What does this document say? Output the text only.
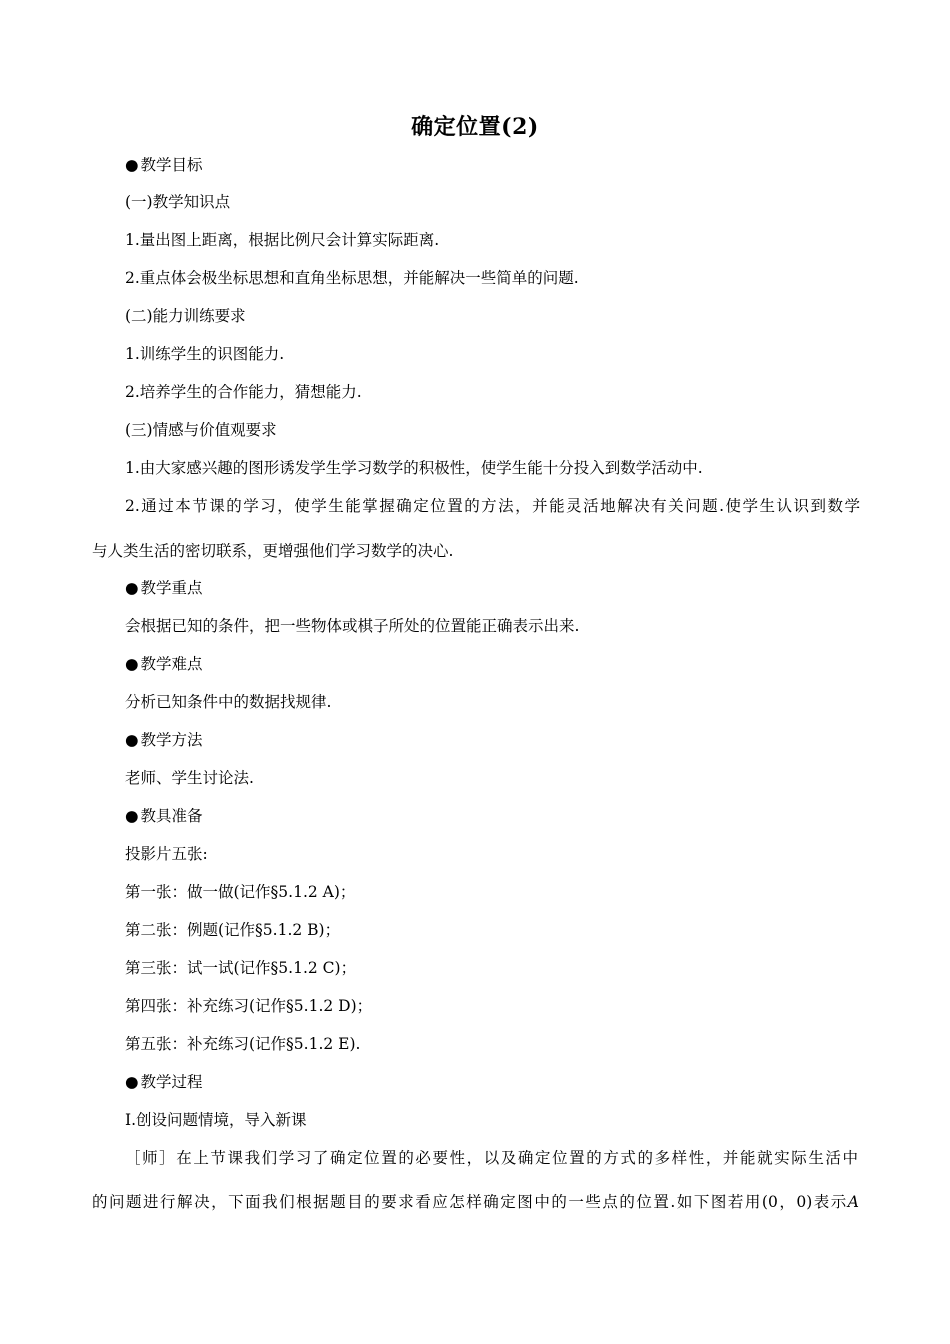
确定位置(2)
● 教学目标
(一)教学知识点
1.量出图上距离，根据比例尺会计算实际距离.
2.重点体会极坐标思想和直角坐标思想，并能解决一些简单的问题.
(二)能力训练要求
1.训练学生的识图能力.
2.培养学生的合作能力，猜想能力.
(三)情感与价值观要求
1.由大家感兴趣的图形诱发学生学习数学的积极性，使学生能十分投入到数学活动中.
2.通过本节课的学习，使学生能掌握确定位置的方法，并能灵活地解决有关问题.使学生认识到数学
与人类生活的密切联系，更增强他们学习数学的决心.
● 教学重点
会根据已知的条件，把一些物体或棋子所处的位置能正确表示出来.
● 教学难点
分析已知条件中的数据找规律.
● 教学方法
老师、学生讨论法.
● 教具准备
投影片五张:
第一张：做一做(记作§5.1.2 A)；
第二张：例题(记作§5.1.2 B)；
第三张：试一试(记作§5.1.2 C)；
第四张：补充练习(记作§5.1.2 D)；
第五张：补充练习(记作§5.1.2 E).
● 教学过程
Ⅰ.创设问题情境，导入新课
［师］在上节课我们学习了确定位置的必要性，以及确定位置的方式的多样性，并能就实际生活中
的问题进行解决，下面我们根据题目的要求看应怎样确定图中的一些点的位置.如下图若用(0，0)表示A
